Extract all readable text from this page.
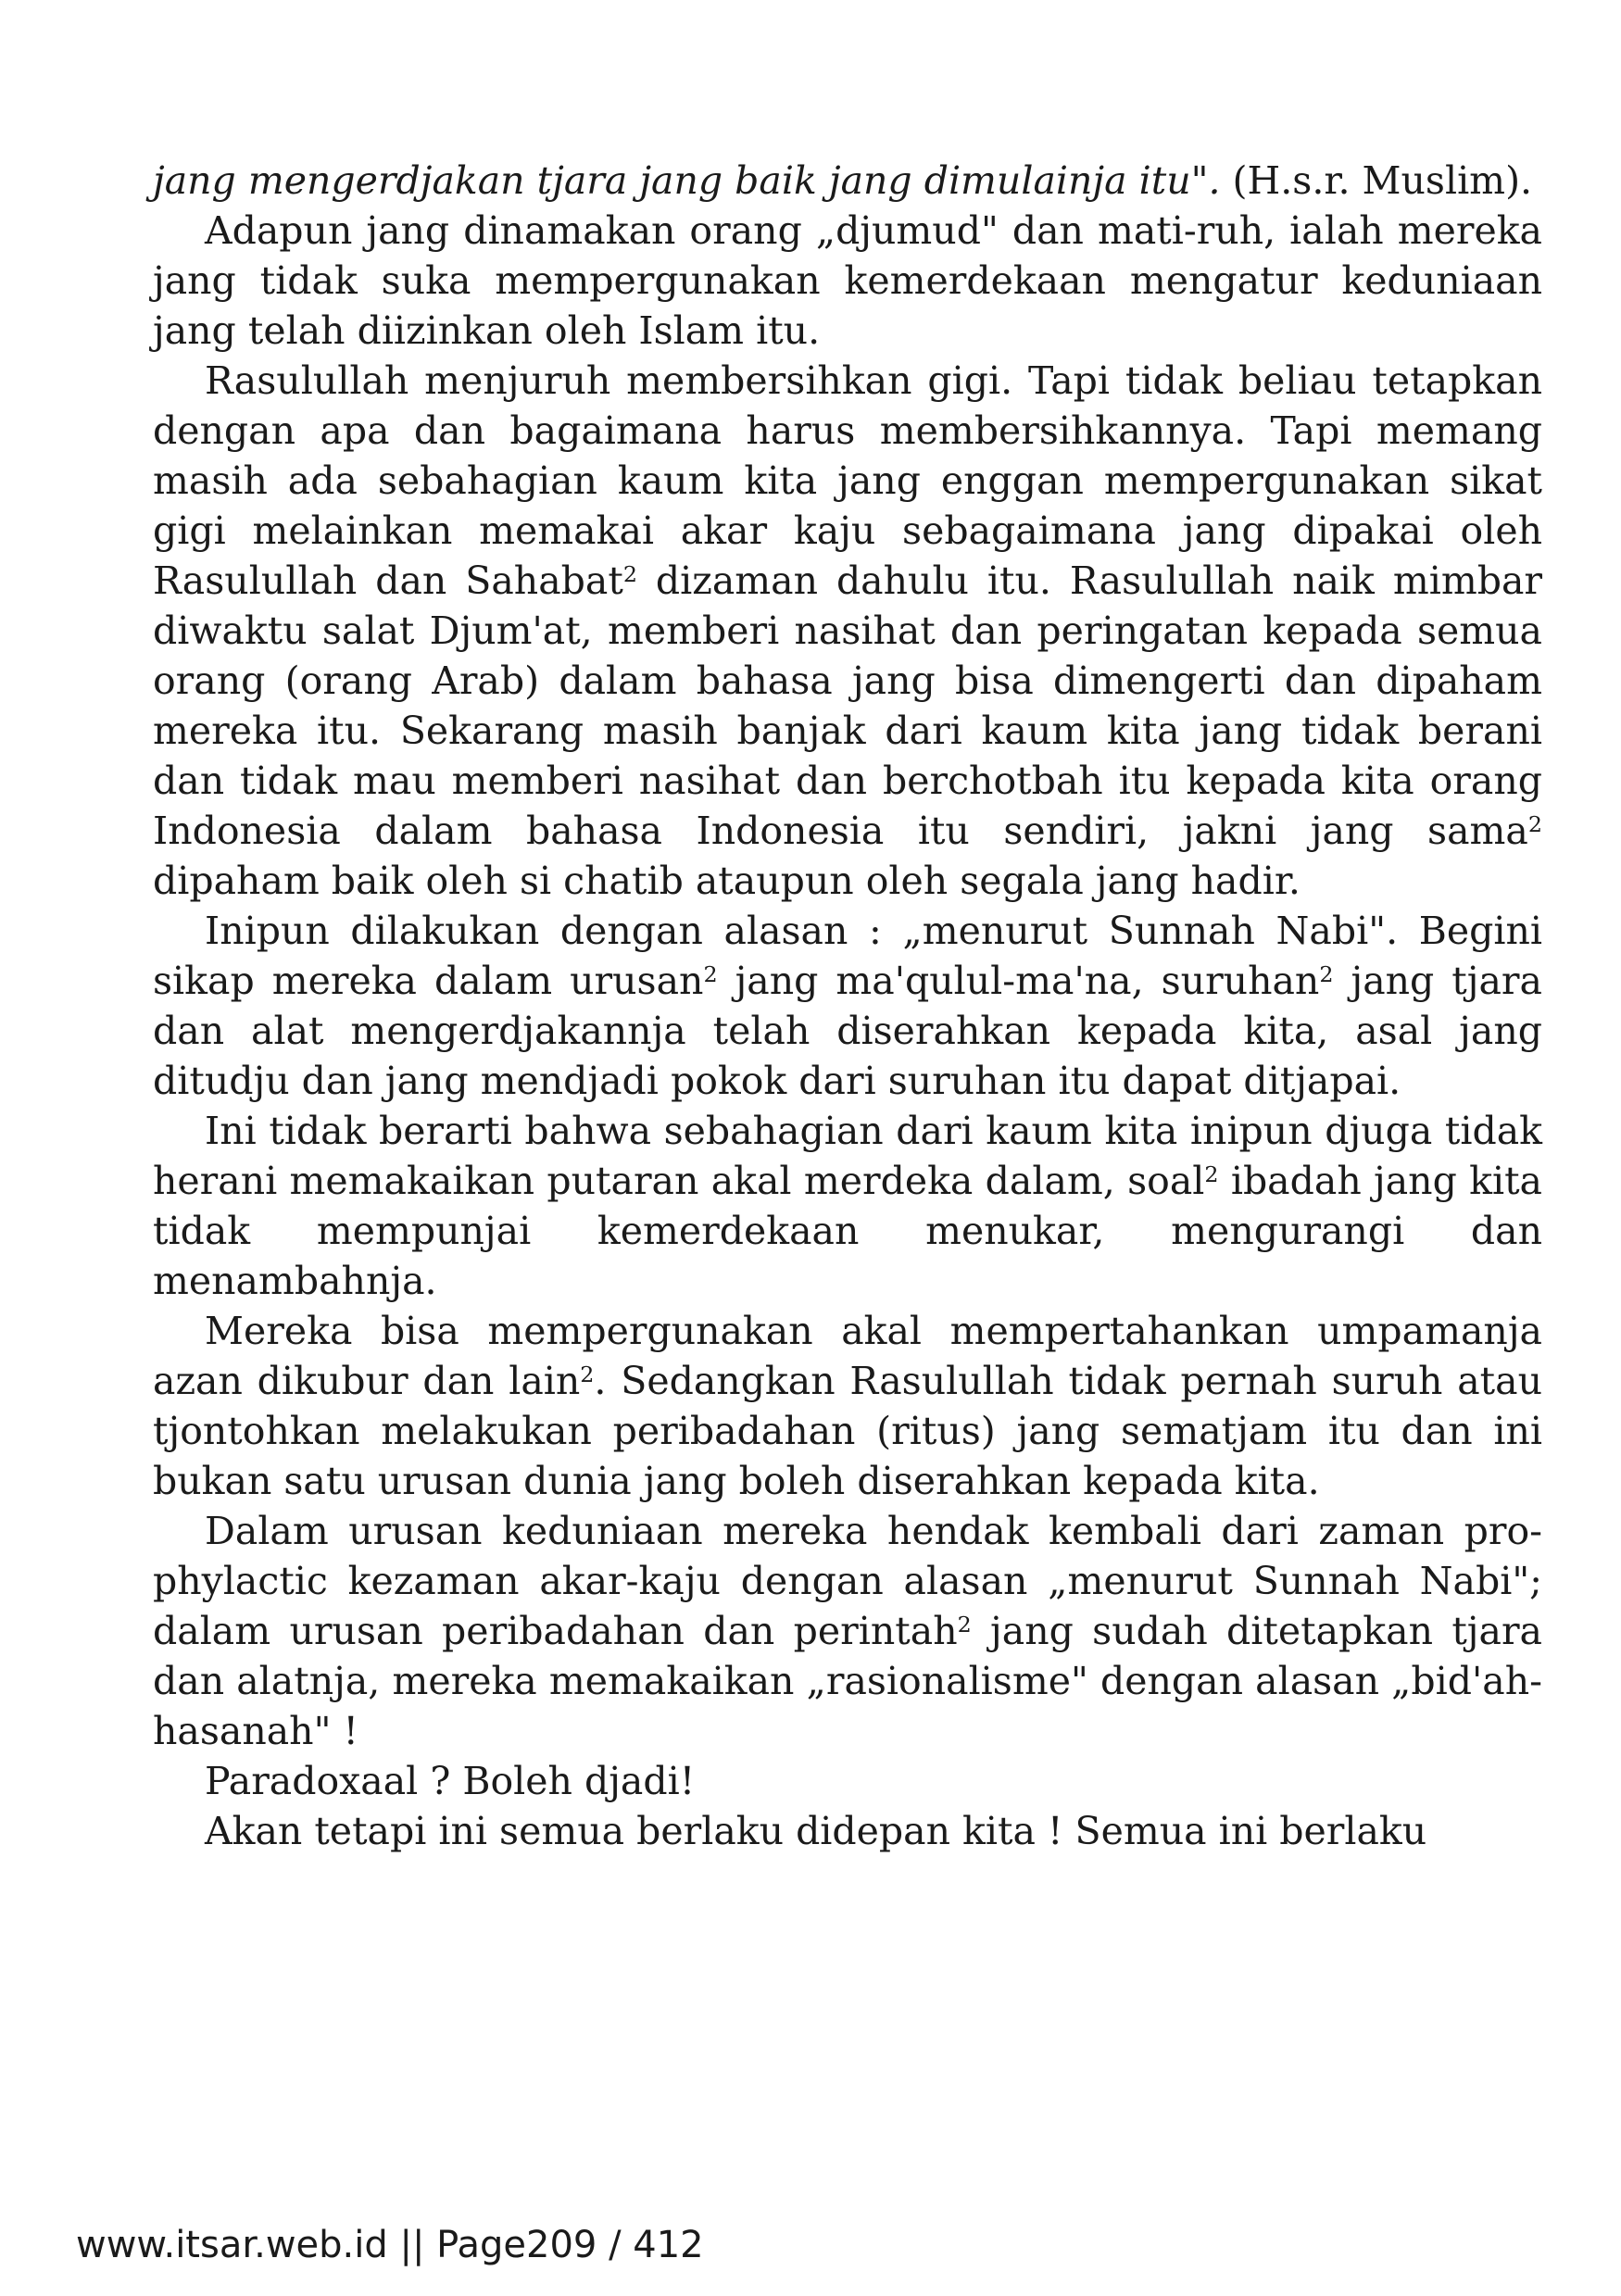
jang mengerdjakan tjara jang baik jang dimulainja itu". (H.s.r. Muslim).

Adapun jang dinamakan orang „djumud" dan mati-ruh, ialah mereka jang tidak suka mempergunakan kemerdekaan mengatur keduniaan jang telah diizinkan oleh Islam itu.

Rasulullah menjuruh membersihkan gigi. Tapi tidak beliau tetapkan dengan apa dan bagaimana harus membersihkannya. Tapi memang masih ada sebahagian kaum kita jang enggan mempergunakan sikat gigi melainkan memakai akar kaju sebagaimana jang dipakai oleh Rasulullah dan Sahabat$^2$ dizaman dahulu itu. Rasulullah naik mimbar diwaktu salat Djum'at, memberi nasihat dan peringatan kepada semua orang (orang Arab) dalam bahasa jang bisa dimengerti dan dipaham mereka itu. Sekarang masih banjak dari kaum kita jang tidak berani dan tidak mau memberi nasihat dan berchotbah itu kepada kita orang Indonesia dalam bahasa Indonesia itu sendiri, jakni jang sama$^2$ dipaham baik oleh si chatib ataupun oleh segala jang hadir.

Inipun dilakukan dengan alasan : „menurut Sunnah Nabi". Begini sikap mereka dalam urusan$^2$ jang ma'qulul-ma'na, suruhan$^2$ jang tjara dan alat mengerdjakannja telah diserahkan kepada kita, asal jang ditudju dan jang mendjadi pokok dari suruhan itu dapat ditjapai.

Ini tidak berarti bahwa sebahagian dari kaum kita inipun djuga tidak herani memakaikan putaran akal merdeka dalam, soal$^2$ ibadah jang kita tidak mempunjai kemerdekaan menukar, mengurangi dan menambahnja.

Mereka bisa mempergunakan akal mempertahankan umpamanja azan dikubur dan lain$^2$. Sedangkan Rasulullah tidak pernah suruh atau tjontohkan melakukan peribadahan (ritus) jang sematjam itu dan ini bukan satu urusan dunia jang boleh diserahkan kepada kita.

Dalam urusan keduniaan mereka hendak kembali dari zaman prophylactic kezaman akar-kaju dengan alasan „menurut Sunnah Nabi"; dalam urusan peribadahan dan perintah$^2$ jang sudah ditetapkan tjara dan alatnja, mereka memakaikan „rasionalisme" dengan alasan „bid'ah-hasanah" !

Paradoxaal ? Boleh djadi!

Akan tetapi ini semua berlaku didepan kita ! Semua ini berlaku

www.itsar.web.id || Page209 / 412
